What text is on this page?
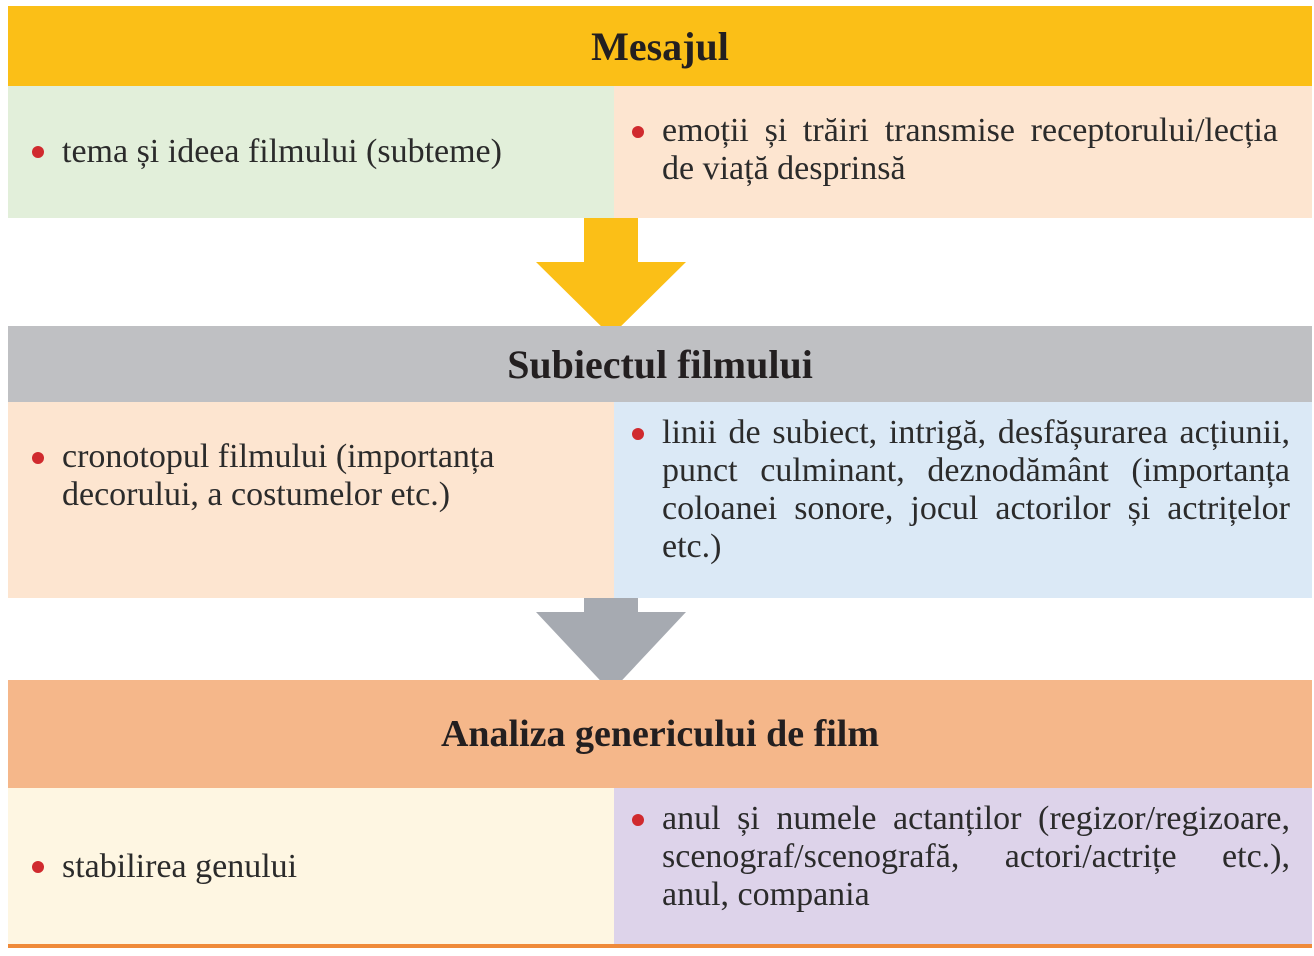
Mesajul
tema și ideea filmului (subteme)
emoții și trăiri transmise receptorului/lecția de viață desprinsă
Subiectul filmului
cronotopul filmului (importanța decorului, a costumelor etc.)
linii de subiect, intrigă, desfășurarea acțiunii, punct culminant, deznodământ (importanța coloanei sonore, jocul actorilor și actrițelor etc.)
Analiza genericului de film
stabilirea genului
anul și numele actanților (regizor/regizoare, scenograf/scenografă, actori/actrițe etc.), anul, compania
